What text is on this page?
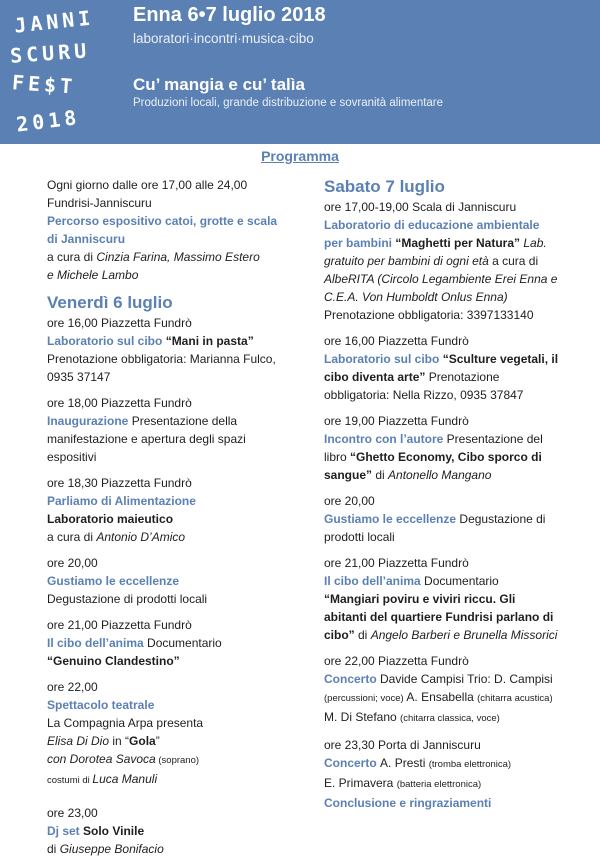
JANNI
SCURU
FE$T
2018
Enna 6•7 luglio 2018
laboratori·incontri·musica·cibo
Cu’ mangia e cu’ talìa
Produzioni locali, grande distribuzione e sovranità alimentare
Programma
Ogni giorno dalle ore 17,00 alle 24,00
Fundrisi-Janniscuru
Percorso espositivo catoi, grotte e scala
di Janniscuru
a cura di Cinzia Farina, Massimo Estero
e Michele Lambo
Venerdì 6 luglio
ore 16,00 Piazzetta Fundrò
Laboratorio sul cibo “Mani in pasta”
Prenotazione obbligatoria: Marianna Fulco,
0935 37147
ore 18,00 Piazzetta Fundrò
Inaugurazione Presentazione della
manifestazione e apertura degli spazi
espositivi
ore 18,30 Piazzetta Fundrò
Parliamo di Alimentazione
Laboratorio maieutico
a cura di Antonio D’Amico
ore 20,00
Gustiamo le eccellenze
Degustazione di prodotti locali
ore 21,00 Piazzetta Fundrò
Il cibo dell’anima Documentario
“Genuino Clandestino”
ore 22,00
Spettacolo teatrale
La Compagnia Arpa presenta
Elisa Di Dio in “Gola”
con Dorotea Savoca (soprano)
costumi di Luca Manuli
ore 23,00
Dj set Solo Vinile
di Giuseppe Bonifacio
Sabato 7 luglio
ore 17,00-19,00 Scala di Janniscuru
Laboratorio di educazione ambientale
per bambini “Maghetti per Natura” Lab.
gratuito per bambini di ogni età a cura di
AlbeRITA (Circolo Legambiente Erei Enna e
C.E.A. Von Humboldt Onlus Enna)
Prenotazione obbligatoria: 3397133140
ore 16,00 Piazzetta Fundrò
Laboratorio sul cibo “Sculture vegetali, il
cibo diventa arte” Prenotazione
obbligatoria: Nella Rizzo, 0935 37847
ore 19,00 Piazzetta Fundrò
Incontro con l’autore Presentazione del
libro “Ghetto Economy, Cibo sporco di
sangue” di Antonello Mangano
ore 20,00
Gustiamo le eccellenze Degustazione di
prodotti locali
ore 21,00 Piazzetta Fundrò
Il cibo dell’anima Documentario
“Mangiari poviru e viviri riccu. Gli
abitanti del quartiere Fundrisi parlano di
cibo” di Angelo Barberi e Brunella Missorici
ore 22,00 Piazzetta Fundrò
Concerto Davide Campisi Trio: D. Campisi
(percussioni; voce) A. Ensabella (chitarra acustica)
M. Di Stefano (chitarra classica, voce)
ore 23,30 Porta di Janniscuru
Concerto A. Presti (tromba elettronica)
E. Primavera (batteria elettronica)
Conclusione e ringraziamenti
